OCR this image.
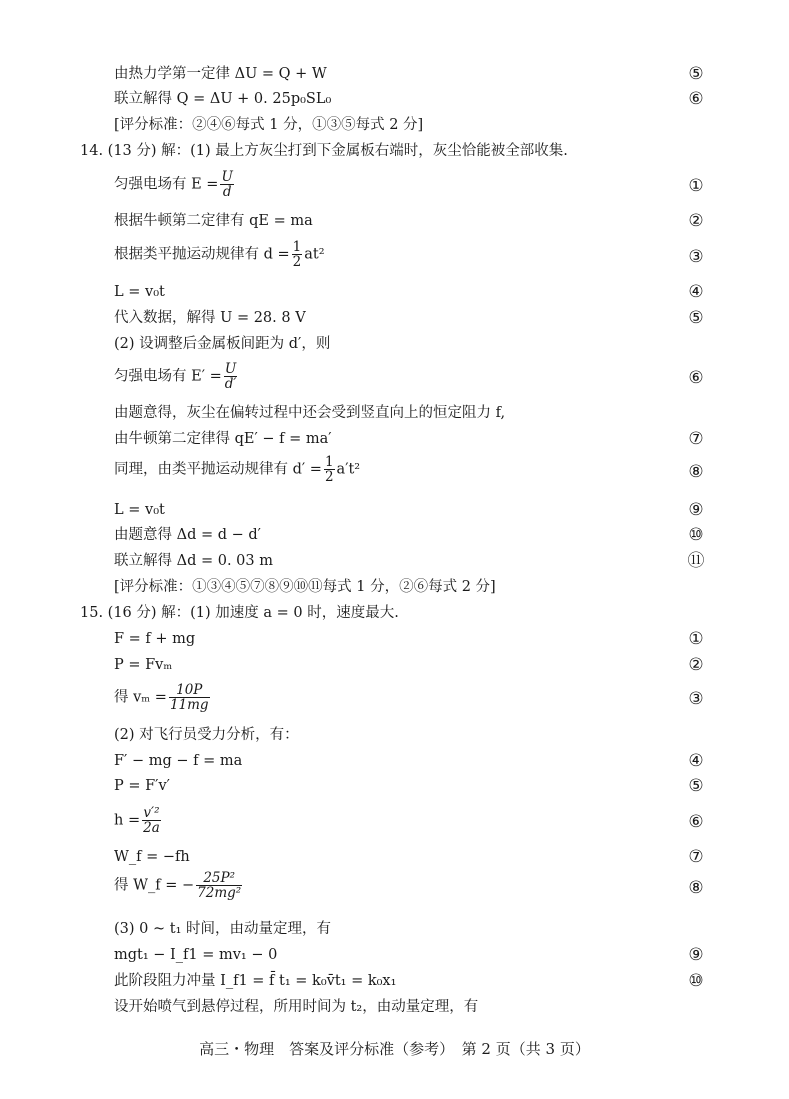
由热力学第一定律 ΔU = Q + W	⑤
联立解得 Q = ΔU + 0. 25p₀SL₀	⑥
[评分标准：②④⑥每式 1 分，①③⑤每式 2 分]
14. (13 分) 解：(1) 最上方灰尘打到下金属板右端时，灰尘恰能被全部收集.
匀强电场有 $E = \frac{U}{d}$	①
根据牛顿第二定律有 qE = ma	②
根据类平抛运动规律有 $d = \frac{1}{2} at^2$	③
L = v₀t	④
代入数据，解得 U = 28. 8 V	⑤
(2) 设调整后金属板间距为 d′，则
匀强电场有 $E' = \frac{U}{d'}$	⑥
由题意得，灰尘在偏转过程中还会受到竖直向上的恒定阻力 f,
由牛顿第二定律得 qE′ − f = ma′	⑦
同理，由类平抛运动规律有 $d' = \frac{1}{2} a't^2$	⑧
L = v₀t	⑨
由题意得 Δd = d − d′	⑩
联立解得 Δd = 0. 03 m	⑪
[评分标准：①③④⑤⑦⑧⑨⑩⑪每式 1 分，②⑥每式 2 分]
15. (16 分) 解：(1) 加速度 a = 0 时，速度最大.
F = f + mg	①
P = Fvₘ	②
得 $v_m = \frac{10P}{11mg}$	③
(2) 对飞行员受力分析，有：
F′ − mg − f = ma	④
P = F′v′	⑤
$h = \frac{\text{v′²}}{2a}$	⑥
W_f = −fh	⑦
得 W_f = − $\frac{\text{25P²}}{\text{72mg²}}$	⑧
(3) 0 ~ t₁ 时间，由动量定理，有
mgt₁ − I_f1 = mv₁ − 0	⑨
此阶段阻力冲量 I_f1 = f̄ t₁ = k₀v̄t₁ = k₀x₁	⑩
设开始喷气到悬停过程，所用时间为 t₂，由动量定理，有
高三・物理　答案及评分标准（参考）　第 2 页（共 3 页）
